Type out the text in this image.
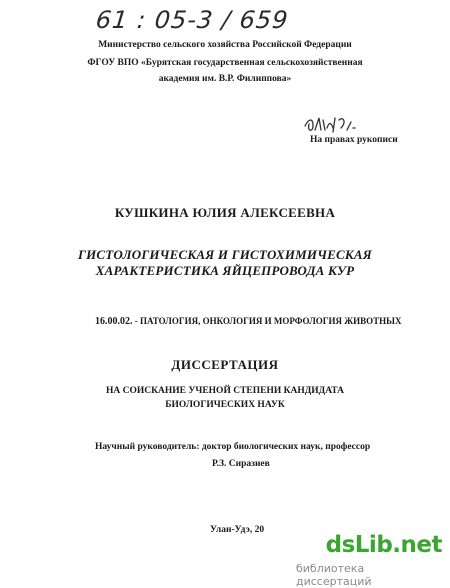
61 : 05-3 / 659
Министерство сельского хозяйства Российской Федерации
ФГОУ ВПО «Бурятская государственная сельскохозяйственная
академия им. В.Р. Филиппова»
На правах рукописи
КУШКИНА ЮЛИЯ АЛЕКСЕЕВНА
ГИСТОЛОГИЧЕСКАЯ И ГИСТОХИМИЧЕСКАЯ
ХАРАКТЕРИСТИКА ЯЙЦЕПРОВОДА КУР
16.00.02. - ПАТОЛОГИЯ, ОНКОЛОГИЯ И МОРФОЛОГИЯ ЖИВОТНЫХ
ДИССЕРТАЦИЯ
НА СОИСКАНИЕ УЧЕНОЙ СТЕПЕНИ КАНДИДАТА
БИОЛОГИЧЕСКИХ НАУК
Научный руководитель: доктор биологических наук, профессор
Р.З. Сиразиев
Улан-Удэ, 20
dsLib.net
библиотека диссертаций
